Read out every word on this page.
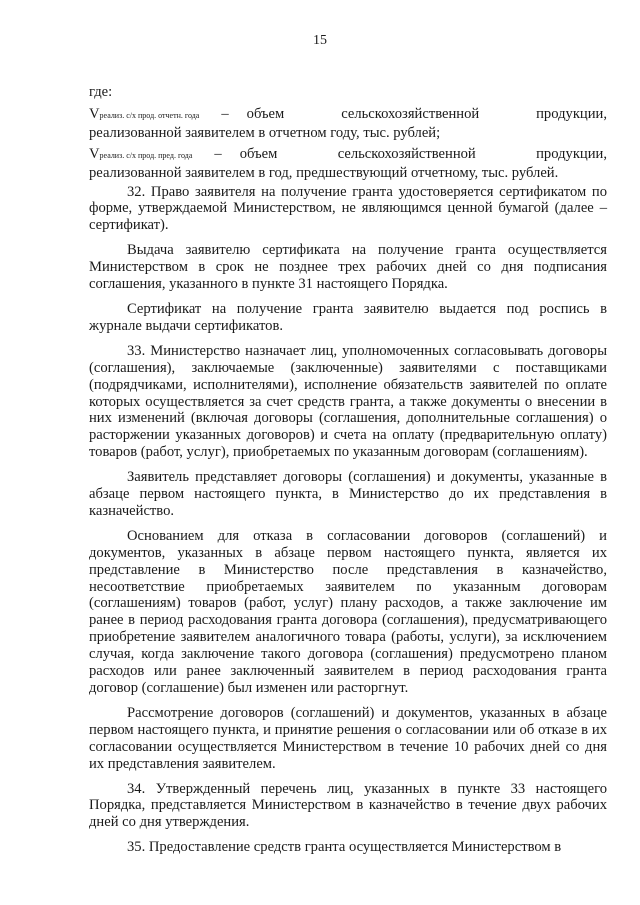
15

где:

V реализ. с/х прод. отчетн. года – объем	сельскохозяйственной	продукции,

реализованной заявителем в отчетном году, тыс. рублей;

V реализ. с/х прод. пред. года – объем	сельскохозяйственной	продукции,

реализованной заявителем в год, предшествующий отчетному, тыс. рублей.

32. Право заявителя на получение гранта удостоверяется сертификатом по форме, утверждаемой Министерством, не являющимся ценной бумагой (далее – сертификат).

Выдача заявителю сертификата на получение гранта осуществляется Министерством в срок не позднее трех рабочих дней со дня подписания соглашения, указанного в пункте 31 настоящего Порядка.

Сертификат на получение гранта заявителю выдается под роспись в журнале выдачи сертификатов.

33. Министерство назначает лиц, уполномоченных согласовывать договоры (соглашения), заключаемые (заключенные) заявителями с поставщиками (подрядчиками, исполнителями), исполнение обязательств заявителей по оплате которых осуществляется за счет средств гранта, а также документы о внесении в них изменений (включая договоры (соглашения, дополнительные соглашения) о расторжении указанных договоров) и счета на оплату (предварительную оплату) товаров (работ, услуг), приобретаемых по указанным договорам (соглашениям).

Заявитель представляет договоры (соглашения) и документы, указанные в абзаце первом настоящего пункта, в Министерство до их представления в казначейство.

Основанием для отказа в согласовании договоров (соглашений) и документов, указанных в абзаце первом настоящего пункта, является их представление в Министерство после представления в казначейство, несоответствие приобретаемых заявителем по указанным договорам (соглашениям) товаров (работ, услуг) плану расходов, а также заключение им ранее в период расходования гранта договора (соглашения), предусматривающего приобретение заявителем аналогичного товара (работы, услуги), за исключением случая, когда заключение такого договора (соглашения) предусмотрено планом расходов или ранее заключенный заявителем в период расходования гранта договор (соглашение) был изменен или расторгнут.

Рассмотрение договоров (соглашений) и документов, указанных в абзаце первом настоящего пункта, и принятие решения о согласовании или об отказе в их согласовании осуществляется Министерством в течение 10 рабочих дней со дня их представления заявителем.

34. Утвержденный перечень лиц, указанных в пункте 33 настоящего Порядка, представляется Министерством в казначейство в течение двух рабочих дней со дня утверждения.

35. Предоставление средств гранта осуществляется Министерством в
